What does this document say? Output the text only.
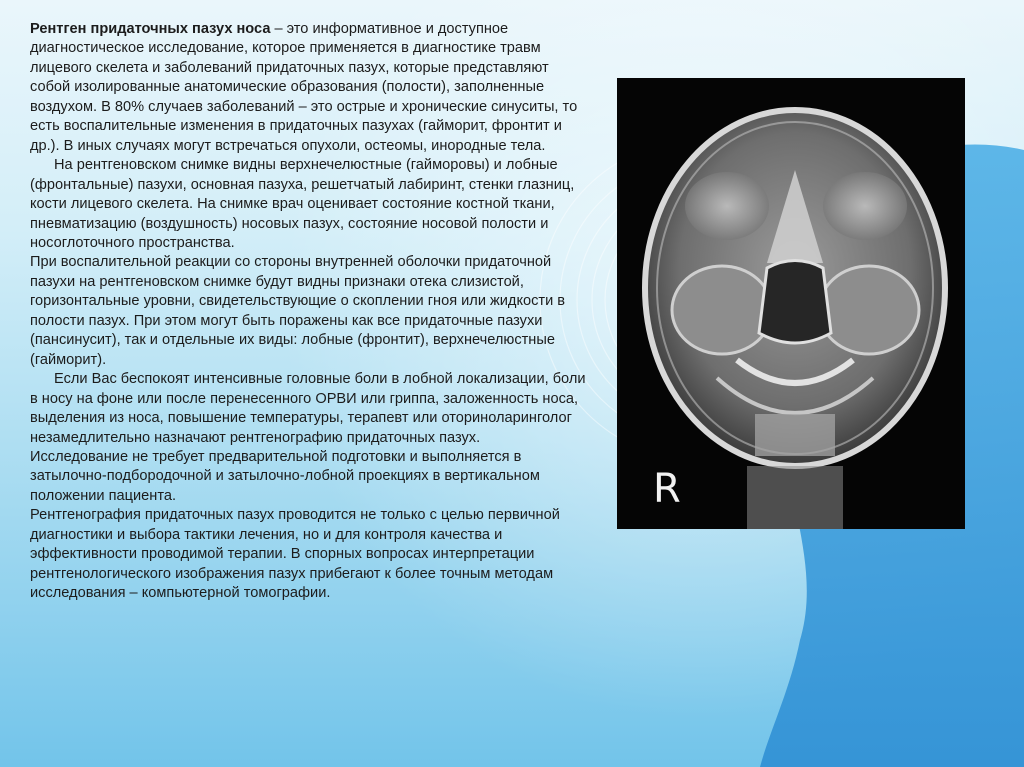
Рентген придаточных пазух носа – это информативное и доступное диагностическое исследование, которое применяется в диагностике травм лицевого скелета и заболеваний придаточных пазух, которые представляют собой изолированные анатомические образования (полости), заполненные воздухом. В 80% случаев заболеваний – это острые и хронические синуситы, то есть воспалительные изменения в придаточных пазухах (гайморит, фронтит и др.). В иных случаях могут встречаться опухоли, остеомы, инородные тела.

На рентгеновском снимке видны верхнечелюстные (гайморовы) и лобные (фронтальные) пазухи, основная пазуха, решетчатый лабиринт, стенки глазниц, кости лицевого скелета. На снимке врач оценивает состояние костной ткани, пневматизацию (воздушность) носовых пазух, состояние носовой полости и носоглоточного пространства.

При воспалительной реакции со стороны внутренней оболочки придаточной пазухи на рентгеновском снимке будут видны признаки отека слизистой, горизонтальные уровни, свидетельствующие о скоплении гноя или жидкости в полости пазух. При этом могут быть поражены как все придаточные пазухи (пансинусит), так и отдельные их виды: лобные (фронтит), верхнечелюстные (гайморит).

Если Вас беспокоят интенсивные головные боли в лобной локализации, боли в носу на фоне или после перенесенного ОРВИ или гриппа, заложенность носа, выделения из носа, повышение температуры, терапевт или оториноларинголог незамедлительно назначают рентгенографию придаточных пазух.

Исследование не требует предварительной подготовки и выполняется в затылочно-подбородочной и затылочно-лобной проекциях в вертикальном положении пациента.

Рентгенография придаточных пазух проводится не только с целью первичной диагностики и выбора тактики лечения, но и для контроля качества и эффективности проводимой терапии. В спорных вопросах интерпретации рентгенологического изображения пазух прибегают к более точным методам исследования – компьютерной томографии.

R
